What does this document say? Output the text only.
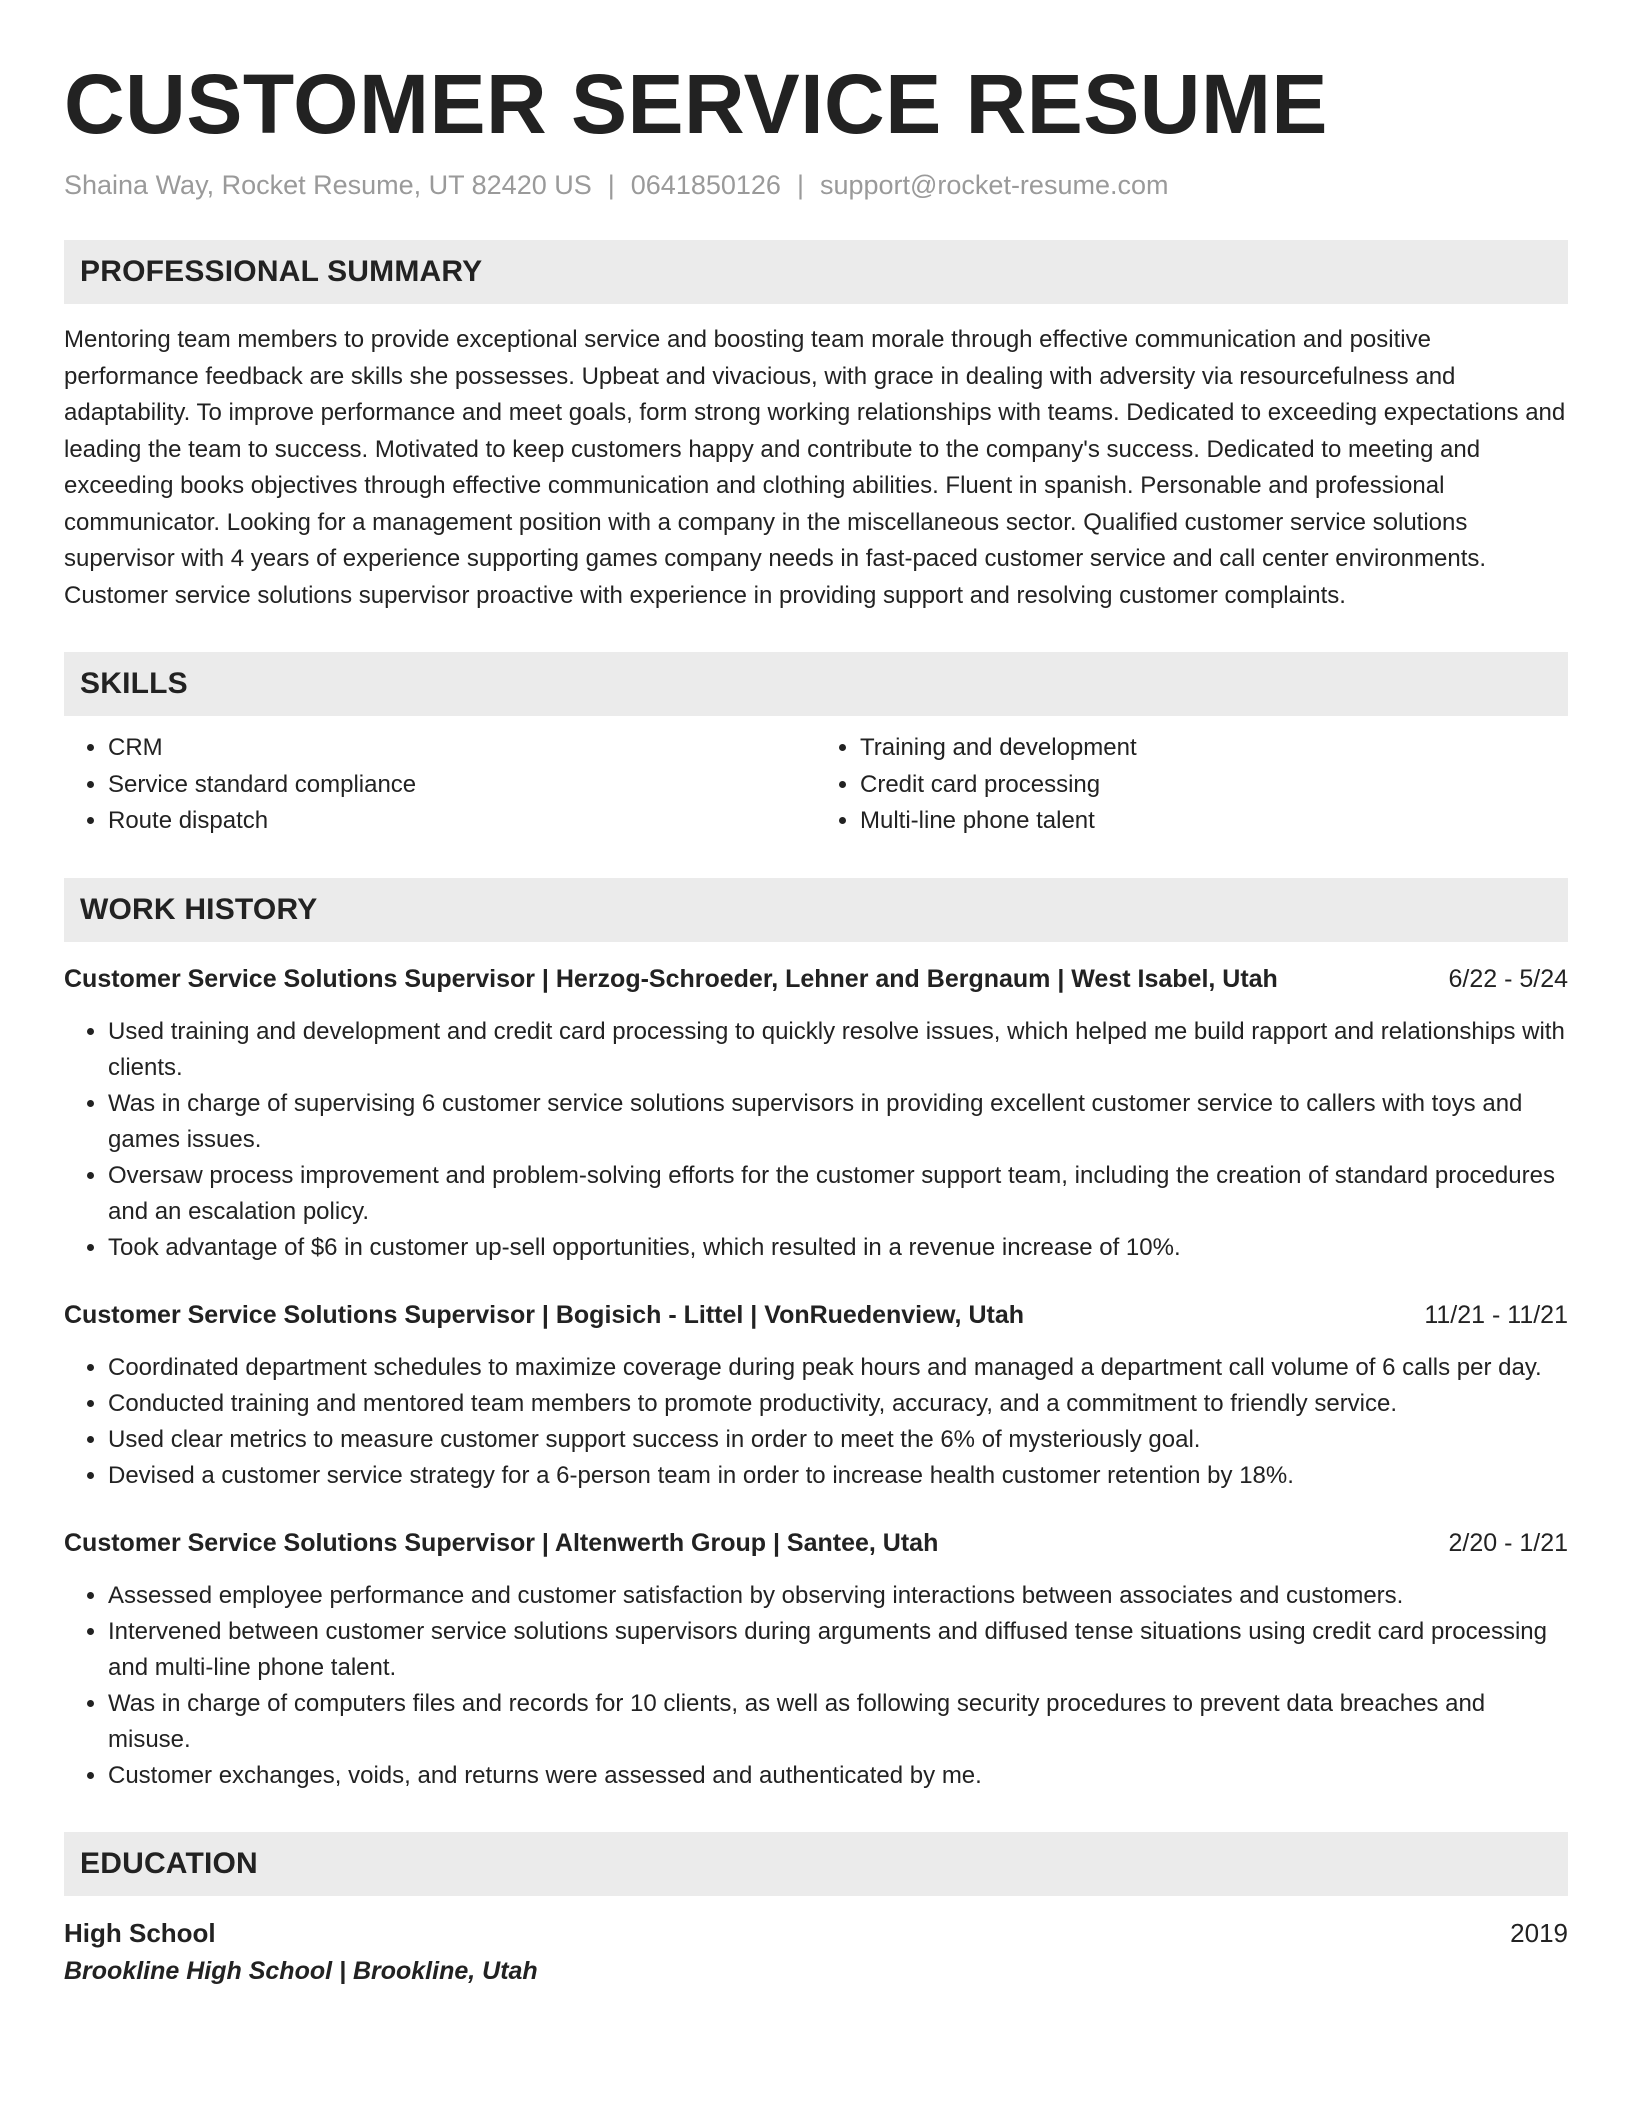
CUSTOMER SERVICE RESUME
Shaina Way, Rocket Resume, UT 82420 US | 0641850126 | support@rocket-resume.com
PROFESSIONAL SUMMARY
Mentoring team members to provide exceptional service and boosting team morale through effective communication and positive performance feedback are skills she possesses. Upbeat and vivacious, with grace in dealing with adversity via resourcefulness and adaptability. To improve performance and meet goals, form strong working relationships with teams. Dedicated to exceeding expectations and leading the team to success. Motivated to keep customers happy and contribute to the company's success. Dedicated to meeting and exceeding books objectives through effective communication and clothing abilities. Fluent in spanish. Personable and professional communicator. Looking for a management position with a company in the miscellaneous sector. Qualified customer service solutions supervisor with 4 years of experience supporting games company needs in fast-paced customer service and call center environments. Customer service solutions supervisor proactive with experience in providing support and resolving customer complaints.
SKILLS
• CRM
• Service standard compliance
• Route dispatch
• Training and development
• Credit card processing
• Multi-line phone talent
WORK HISTORY
Customer Service Solutions Supervisor | Herzog-Schroeder, Lehner and Bergnaum | West Isabel, Utah	6/22 - 5/24
• Used training and development and credit card processing to quickly resolve issues, which helped me build rapport and relationships with clients.
• Was in charge of supervising 6 customer service solutions supervisors in providing excellent customer service to callers with toys and games issues.
• Oversaw process improvement and problem-solving efforts for the customer support team, including the creation of standard procedures and an escalation policy.
• Took advantage of $6 in customer up-sell opportunities, which resulted in a revenue increase of 10%.
Customer Service Solutions Supervisor | Bogisich - Littel | VonRuedenview, Utah	11/21 - 11/21
• Coordinated department schedules to maximize coverage during peak hours and managed a department call volume of 6 calls per day.
• Conducted training and mentored team members to promote productivity, accuracy, and a commitment to friendly service.
• Used clear metrics to measure customer support success in order to meet the 6% of mysteriously goal.
• Devised a customer service strategy for a 6-person team in order to increase health customer retention by 18%.
Customer Service Solutions Supervisor | Altenwerth Group | Santee, Utah	2/20 - 1/21
• Assessed employee performance and customer satisfaction by observing interactions between associates and customers.
• Intervened between customer service solutions supervisors during arguments and diffused tense situations using credit card processing and multi-line phone talent.
• Was in charge of computers files and records for 10 clients, as well as following security procedures to prevent data breaches and misuse.
• Customer exchanges, voids, and returns were assessed and authenticated by me.
EDUCATION
High School	2019
Brookline High School | Brookline, Utah
